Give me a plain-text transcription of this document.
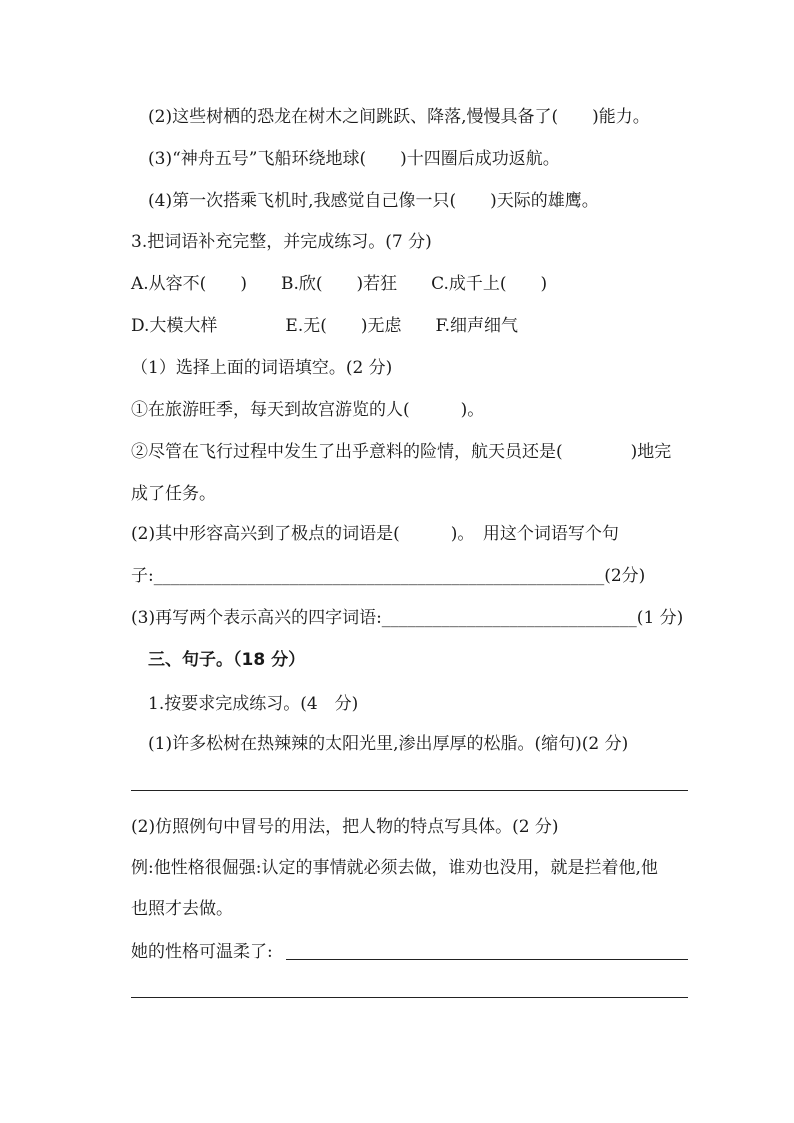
(2)这些树栖的恐龙在树木之间跳跃、降落,慢慢具备了(　　)能力。
(3)“神舟五号”飞船环绕地球(　　)十四圈后成功返航。
(4)第一次搭乘飞机时,我感觉自己像一只(　　)天际的雄鹰。
3.把词语补充完整，并完成练习。(7 分)
A.从容不(　　)　　B.欣(　　)若狂　　C.成千上(　　)
D.大模大样　　　　E.无(　　)无虑　　F.细声细气
（1）选择上面的词语填空。(2 分)
①在旅游旺季，每天到故宫游览的人(　　　)。
②尽管在飞行过程中发生了出乎意料的险情，航天员还是(　　　　)地完
成了任务。
(2)其中形容高兴到了极点的词语是(　　　)。　用这个词语写个句
子:_____________________________________________________(2分)
(3)再写两个表示高兴的四字词语:______________________________(1 分)
三、句子。（18 分）
1.按要求完成练习。(4　分)
(1)许多松树在热辣辣的太阳光里,渗出厚厚的松脂。(缩句)(2 分)
(2)仿照例句中冒号的用法，把人物的特点写具体。(2 分)
例:他性格很倔强:认定的事情就必须去做，谁劝也没用，就是拦着他,他
也照才去做。
她的性格可温柔了:
